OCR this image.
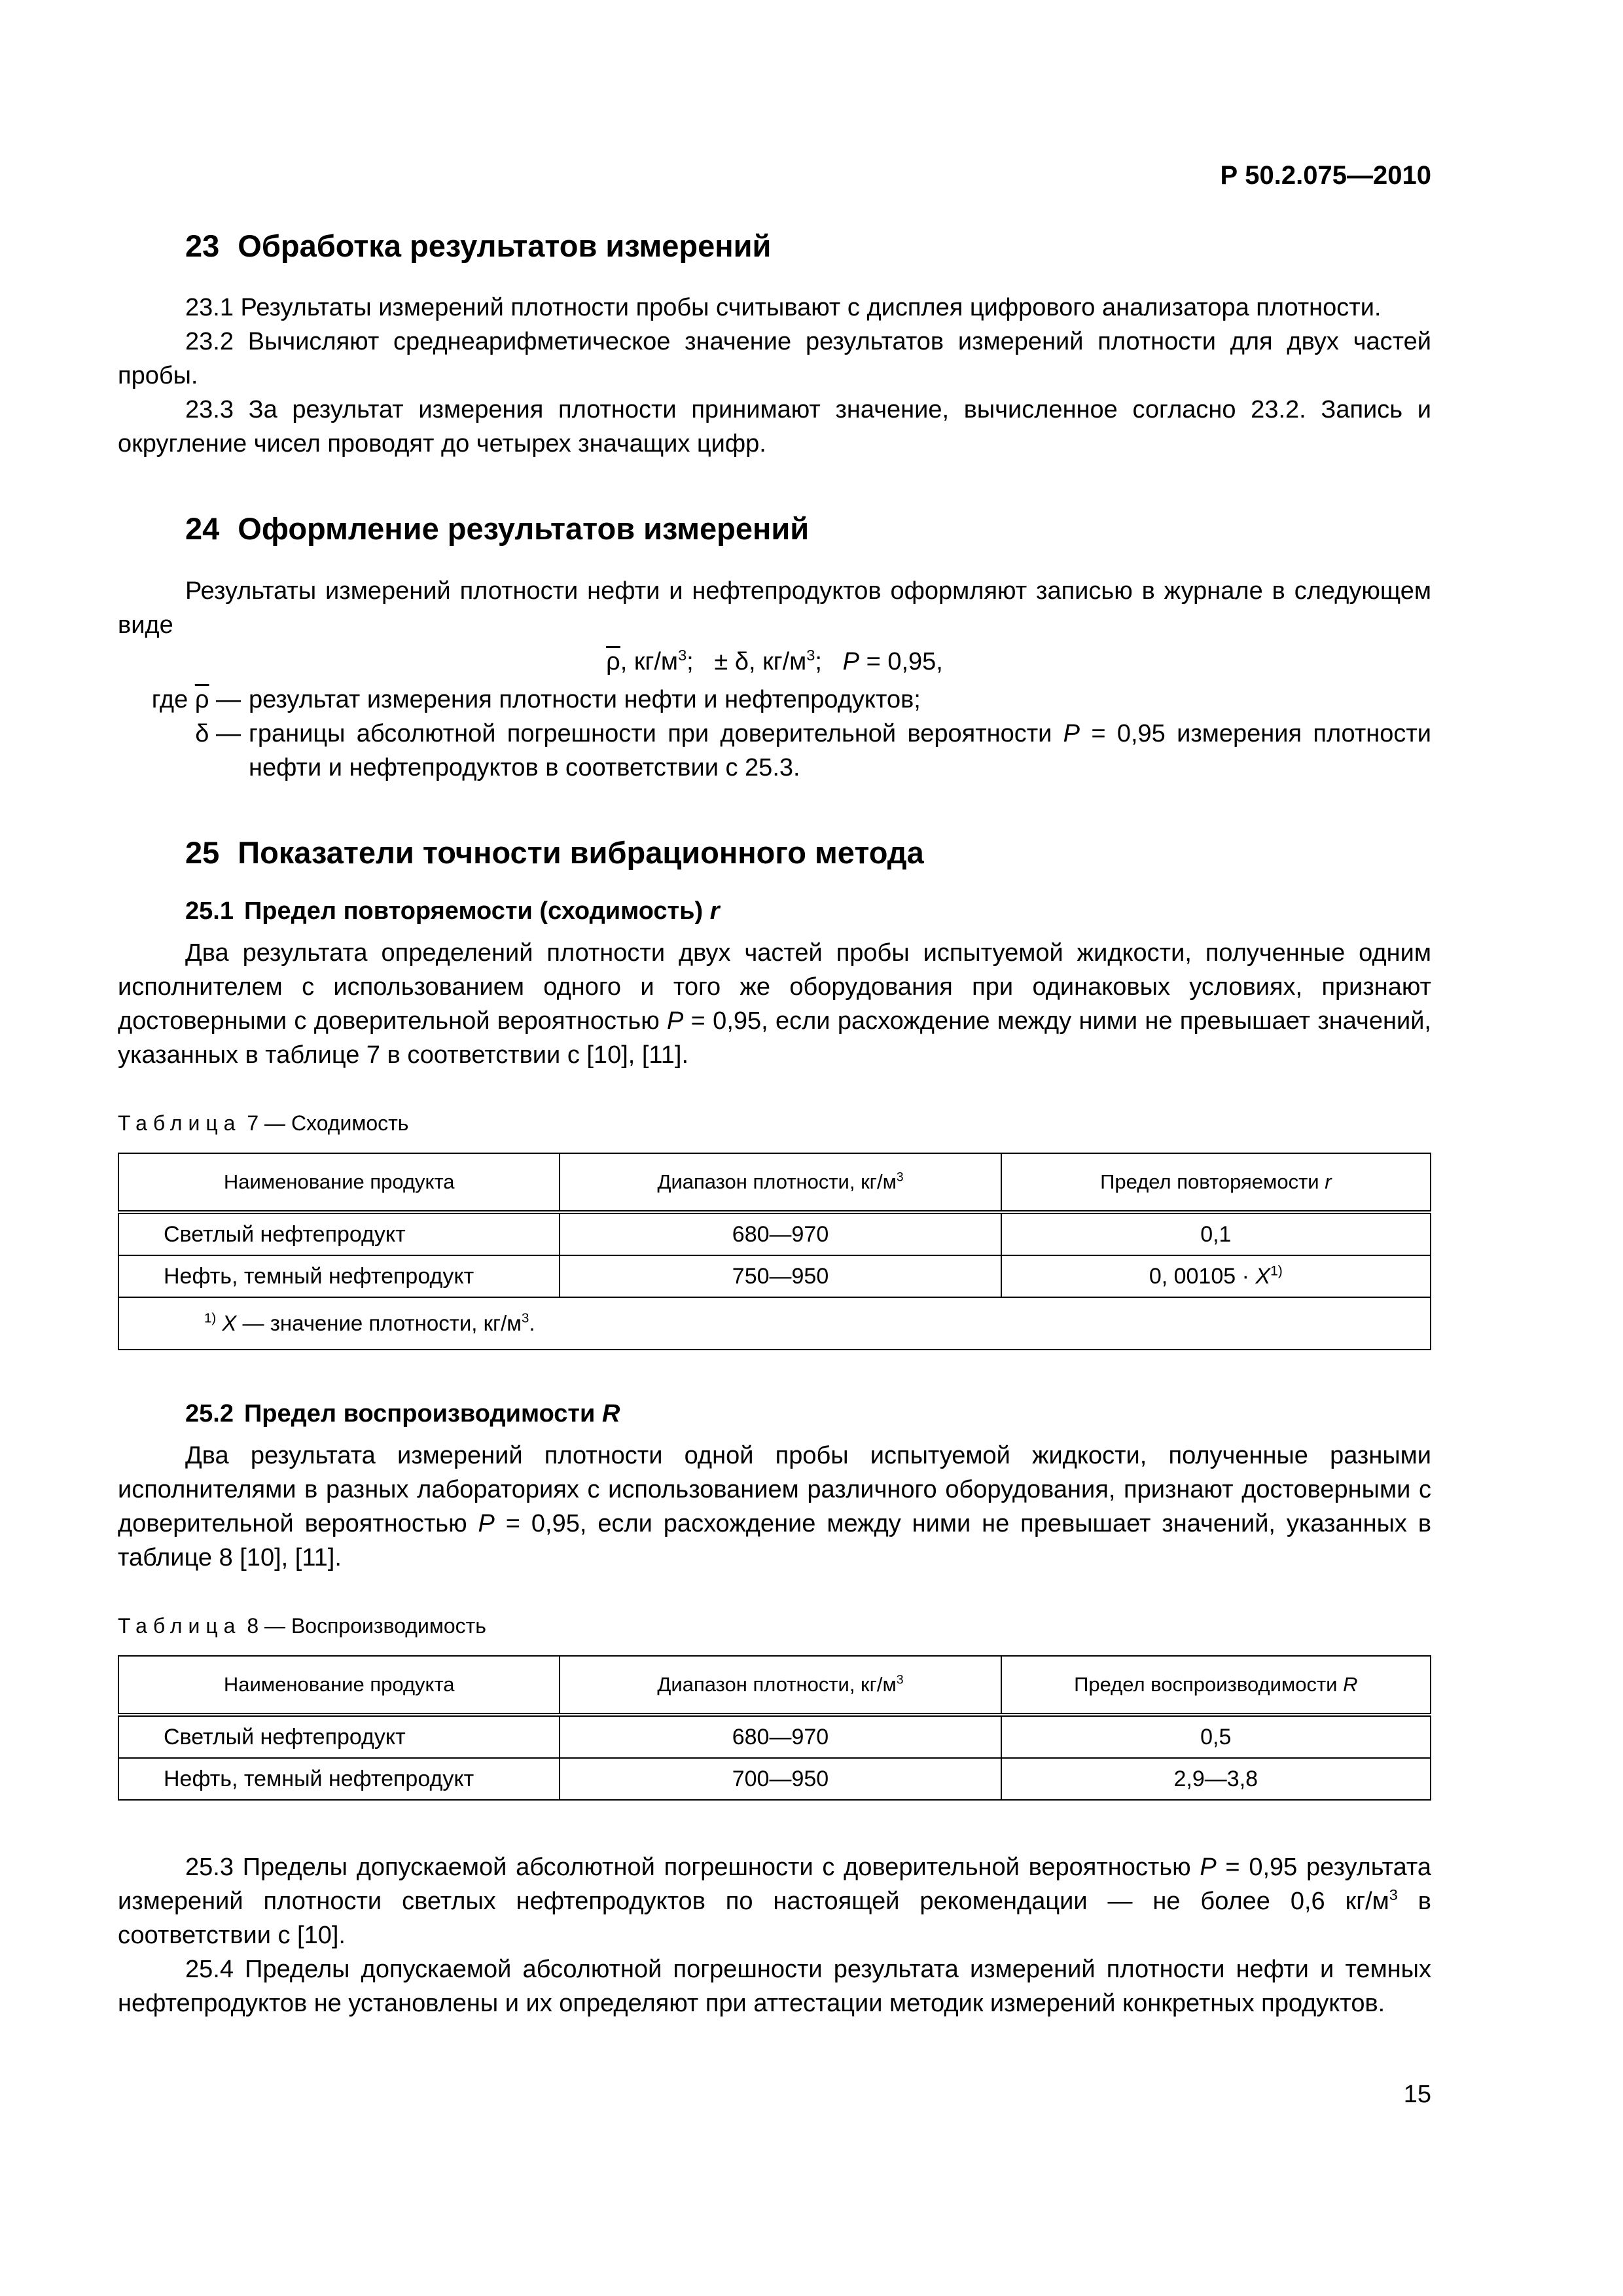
Р 50.2.075—2010
23 Обработка результатов измерений

23.1 Результаты измерений плотности пробы считывают с дисплея цифрового анализатора плотности.

23.2 Вычисляют среднеарифметическое значение результатов измерений плотности для двух частей пробы.

23.3 За результат измерения плотности принимают значение, вычисленное согласно 23.2. Запись и округление чисел проводят до четырех значащих цифр.

24 Оформление результатов измерений

Результаты измерений плотности нефти и нефтепродуктов оформляют записью в журнале в следующем виде

$\overline{\rho}$, $кг/м^3$; ± δ, $кг/м^3$; P = 0,95,
где $\overline{\rho}$ — результат измерения плотности нефти и нефтепродуктов;
δ — границы абсолютной погрешности при доверительной вероятности P = 0,95 измерения плотности нефти и нефтепродуктов в соответствии с 25.3.
25 Показатели точности вибрационного метода
25.1 Предел повторяемости (сходимость) r

Два результата определений плотности двух частей пробы испытуемой жидкости, полученные одним исполнителем с использованием одного и того же оборудования при одинаковых условиях, признают достоверными с доверительной вероятностью P = 0,95, если расхождение между ними не превышает значений, указанных в таблице 7 в соответствии с [10], [11].

Таблица 7 — Сходимость
Наименование продукта	Диапазон плотности, $кг/м^3$	Предел повторяемости r
Светлый нефтепродукт	680—970	0,1
Нефть, темный нефтепродукт	750—950	0, $00105 \cdot X^{1)}$
$^{1)}$ X — значение плотности, $кг/м^3$.		
25.2 Предел воспроизводимости R

Два результата измерений плотности одной пробы испытуемой жидкости, полученные разными исполнителями в разных лабораториях с использованием различного оборудования, признают достоверными с доверительной вероятностью P = 0,95, если расхождение между ними не превышает значений, указанных в таблице 8 [10], [11].

Таблица 8 — Воспроизводимость
Наименование продукта	Диапазон плотности, $кг/м^3$	Предел воспроизводимости R
Светлый нефтепродукт	680—970	0,5
Нефть, темный нефтепродукт	700—950	2,9—3,8

25.3 Пределы допускаемой абсолютной погрешности с доверительной вероятностью P = 0,95 результата измерений плотности светлых нефтепродуктов по настоящей рекомендации — не более 0,6 $кг/м^3$ в соответствии с [10].

25.4 Пределы допускаемой абсолютной погрешности результата измерений плотности нефти и темных нефтепродуктов не установлены и их определяют при аттестации методик измерений конкретных продуктов.

15
